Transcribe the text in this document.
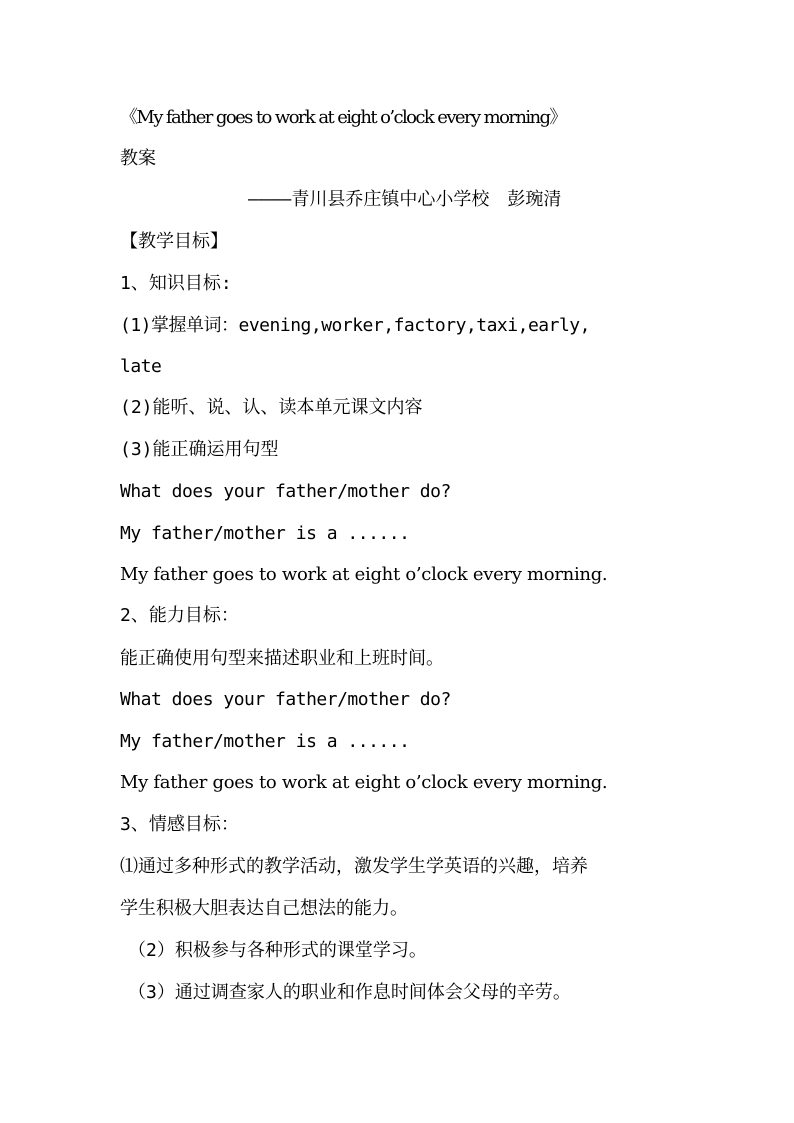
《My father goes to work at eight o’clock every morning》
教案
————青川县乔庄镇中心小学校　彭琬清
【教学目标】
1、知识目标:
(1)掌握单词：evening,worker,factory,taxi,early,
late
(2)能听、说、认、读本单元课文内容
(3)能正确运用句型
What does your father/mother do?
My father/mother is a ......
My father goes to work at eight o’clock every morning.
2、能力目标：
能正确使用句型来描述职业和上班时间。
What does your father/mother do?
My father/mother is a ......
My father goes to work at eight o’clock every morning.
3、情感目标：
⑴通过多种形式的教学活动，激发学生学英语的兴趣，培养
学生积极大胆表达自己想法的能力。
（2）积极参与各种形式的课堂学习。
（3）通过调查家人的职业和作息时间体会父母的辛劳。
